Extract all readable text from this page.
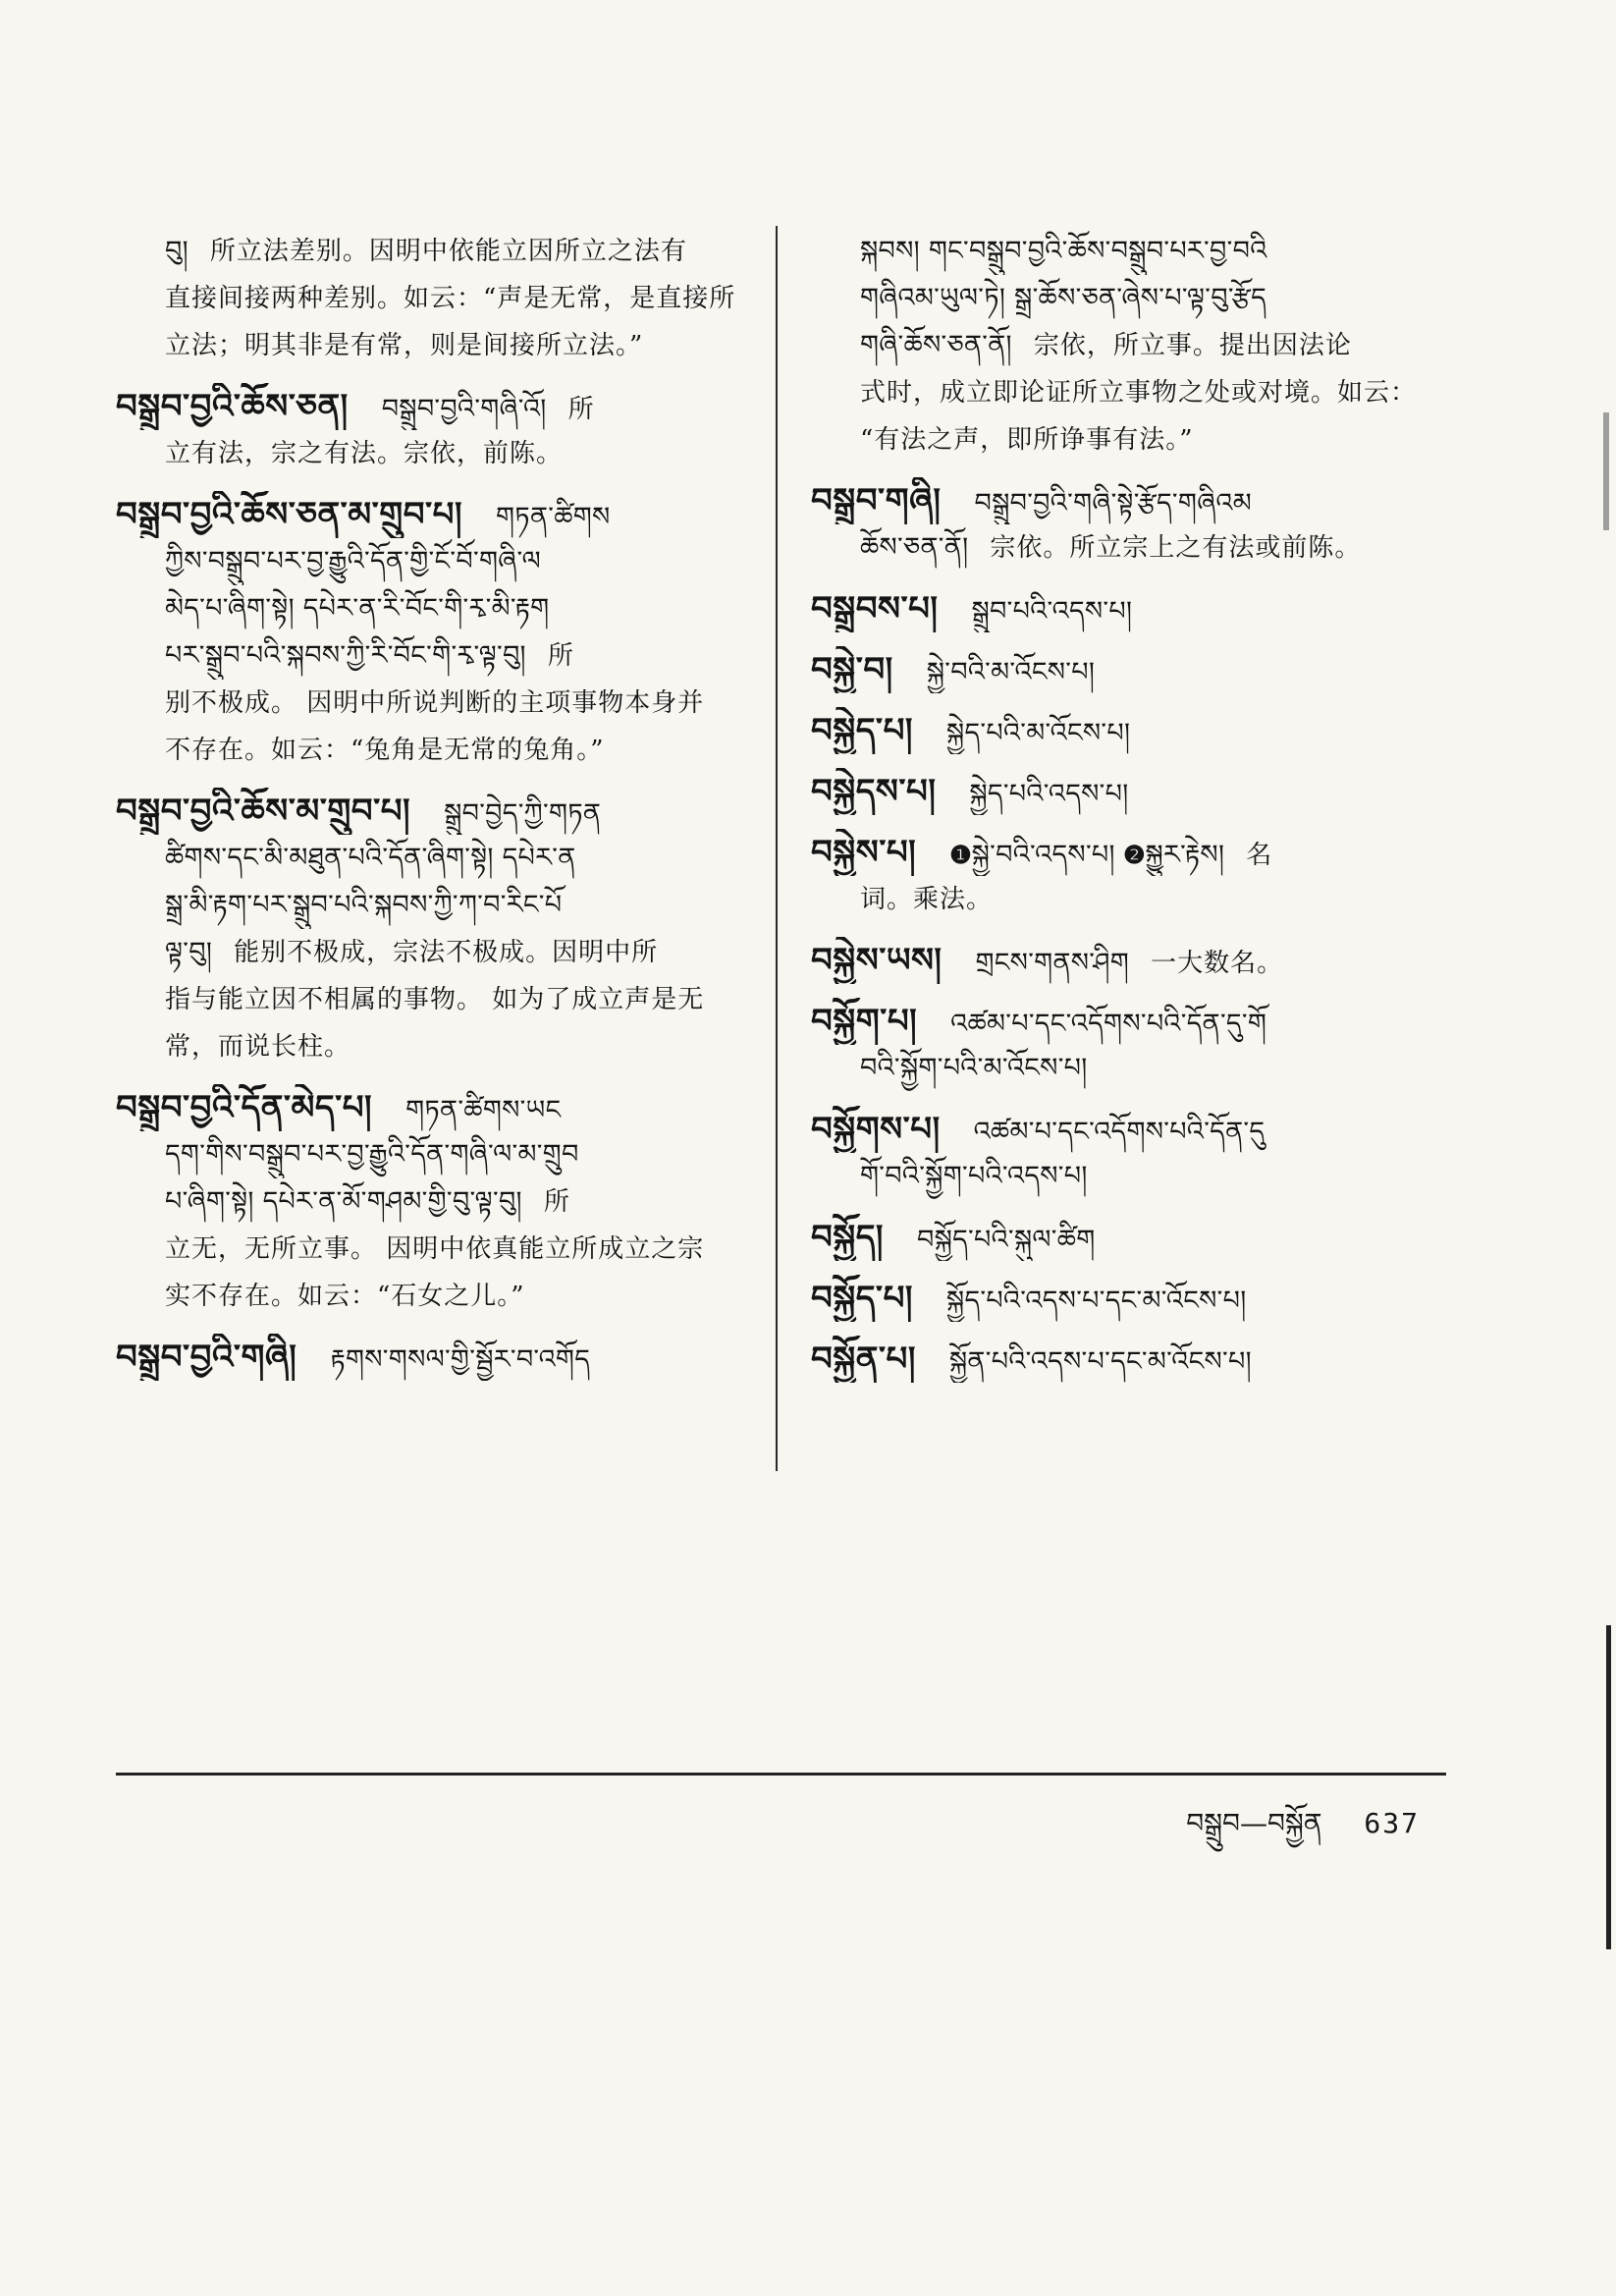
བུ། 所立法差别。因明中依能立因所立之法有
直接间接两种差别。如云：“声是无常，是直接所
立法；明其非是有常，则是间接所立法。”
བསྒྲུབ་བྱའི་ཆོས་ཅན། བསྒྲུབ་བྱའི་གཞི་འོ། 所
立有法，宗之有法。宗依，前陈。
བསྒྲུབ་བྱའི་ཆོས་ཅན་མ་གྲུབ་པ། གཏན་ཚིགས
ཀྱིས་བསྒྲུབ་པར་བྱ་རྒྱུའི་དོན་གྱི་ངོ་བོ་གཞི་ལ
མེད་པ་ཞིག་སྟེ། དཔེར་ན་རི་བོང་གི་རྭ་མི་རྟག
པར་སྒྲུབ་པའི་སྐབས་ཀྱི་རི་བོང་གི་རྭ་ལྟ་བུ། 所
别不极成。 因明中所说判断的主项事物本身并
不存在。如云：“兔角是无常的兔角。”
བསྒྲུབ་བྱའི་ཆོས་མ་གྲུབ་པ། སྒྲུབ་བྱེད་ཀྱི་གཏན
ཚིགས་དང་མི་མཐུན་པའི་དོན་ཞིག་སྟེ། དཔེར་ན
སྒྲ་མི་རྟག་པར་སྒྲུབ་པའི་སྐབས་ཀྱི་ཀ་བ་རིང་པོ
ལྟ་བུ། 能别不极成，宗法不极成。因明中所
指与能立因不相属的事物。 如为了成立声是无
常，而说长柱。
བསྒྲུབ་བྱའི་དོན་མེད་པ། གཏན་ཚིགས་ཡང
དག་གིས་བསྒྲུབ་པར་བྱ་རྒྱུའི་དོན་གཞི་ལ་མ་གྲུབ
པ་ཞིག་སྟེ། དཔེར་ན་མོ་གཤམ་གྱི་བུ་ལྟ་བུ། 所
立无，无所立事。 因明中依真能立所成立之宗
实不存在。如云：“石女之儿。”
བསྒྲུབ་བྱའི་གཞི། རྟགས་གསལ་གྱི་སྦྱོར་བ་འགོད
སྐབས། གང་བསྒྲུབ་བྱའི་ཆོས་བསྒྲུབ་པར་བྱ་བའི
གཞིའམ་ཡུལ་ཏེ། སྒྲ་ཆོས་ཅན་ཞེས་པ་ལྟ་བུ་རྩོད
གཞི་ཆོས་ཅན་ནོ། 宗依，所立事。提出因法论
式时，成立即论证所立事物之处或对境。如云：
“有法之声，即所诤事有法。”
བསྒྲུབ་གཞི། བསྒྲུབ་བྱའི་གཞི་སྟེ་རྩོད་གཞིའམ
ཆོས་ཅན་ནོ། 宗依。所立宗上之有法或前陈。
བསྒྲུབས་པ། སྒྲུབ་པའི་འདས་པ།
བསྐྱེ་བ། སྐྱེ་བའི་མ་འོངས་པ།
བསྐྱེད་པ། སྐྱེད་པའི་མ་འོངས་པ།
བསྐྱེདས་པ། སྐྱེད་པའི་འདས་པ།
བསྐྱེས་པ། ❶སྐྱེ་བའི་འདས་པ། ❷སྐྱུར་རྟེས། 名
词。乘法。
བསྐྱེས་ཡས། གྲངས་གནས་ཤིག 一大数名。
བསྐྱོག་པ། འཚམ་པ་དང་འདོགས་པའི་དོན་དུ་གོ
བའི་སྐྱོག་པའི་མ་འོངས་པ།
བསྐྱོགས་པ། འཚམ་པ་དང་འདོགས་པའི་དོན་དུ
གོ་བའི་སྐྱོག་པའི་འདས་པ།
བསྐྱོད། བསྐྱོད་པའི་སྐུལ་ཚིག
བསྐྱོད་པ། སྐྱོད་པའི་འདས་པ་དང་མ་འོངས་པ།
བསྐྱོན་པ། སྐྱོན་པའི་འདས་པ་དང་མ་འོངས་པ།
བསྒྲུབ—བསྐྱོན 637
